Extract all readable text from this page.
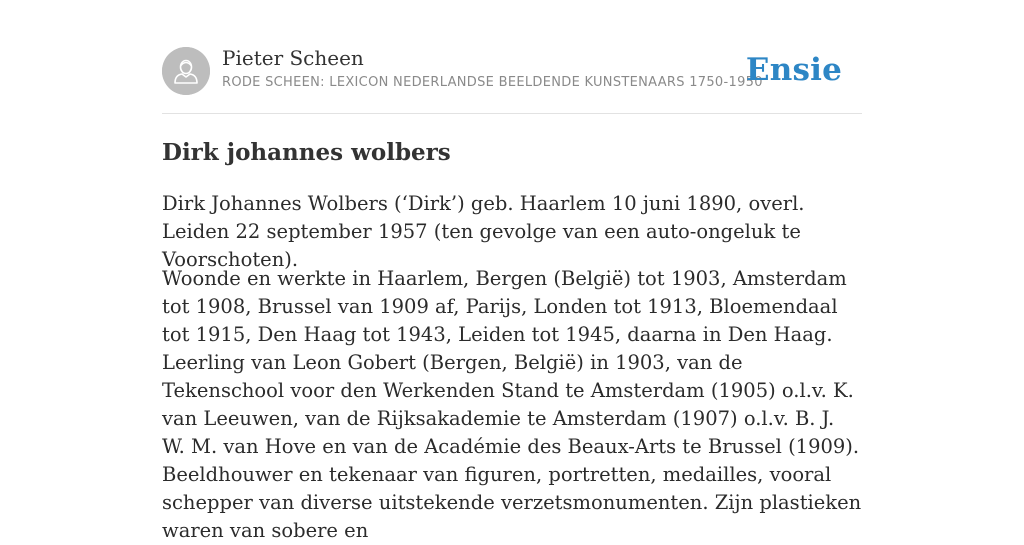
Pieter Scheen
RODE SCHEEN: LEXICON NEDERLANDSE BEELDENDE KUNSTENAARS 1750-1950
Ensie
Dirk johannes wolbers

Dirk Johannes Wolbers (‘Dirk’) geb. Haarlem 10 juni 1890, overl. Leiden 22 september 1957 (ten gevolge van een auto-ongeluk te Voorschoten).

Woonde en werkte in Haarlem, Bergen (België) tot 1903, Amsterdam tot 1908, Brussel van 1909 af, Parijs, Londen tot 1913, Bloemendaal tot 1915, Den Haag tot 1943, Leiden tot 1945, daarna in Den Haag. Leerling van Leon Gobert (Bergen, België) in 1903, van de Tekenschool voor den Werkenden Stand te Amsterdam (1905) o.l.v. K. van Leeuwen, van de Rijksakademie te Amsterdam (1907) o.l.v. B. J. W. M. van Hove en van de Académie des Beaux-Arts te Brussel (1909).

Beeldhouwer en tekenaar van figuren, portretten, medailles, vooral schepper van diverse uitstekende verzetsmonumenten. Zijn plastieken waren van sobere en
